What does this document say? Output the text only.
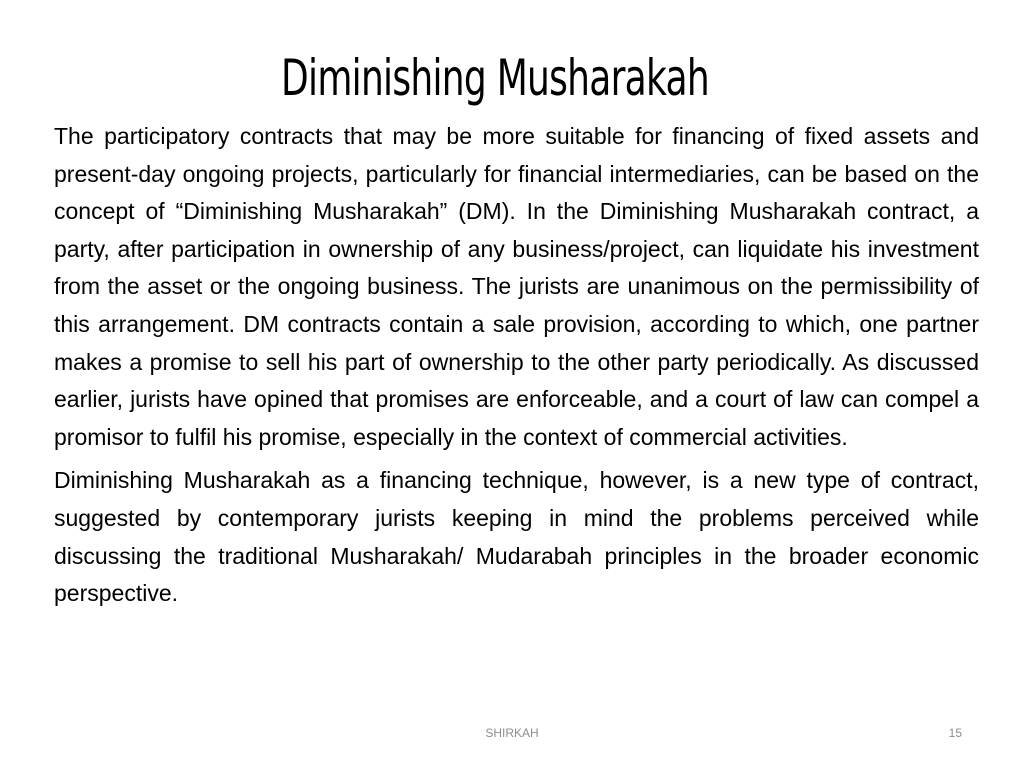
Diminishing Musharakah

The participatory contracts that may be more suitable for financing of fixed assets and present-day ongoing projects, particularly for financial intermediaries, can be based on the concept of “Diminishing Musharakah” (DM). In the Diminishing Musharakah contract, a party, after participation in ownership of any business/project, can liquidate his investment from the asset or the ongoing business. The jurists are unanimous on the permissibility of this arrangement. DM contracts contain a sale provision, according to which, one partner makes a promise to sell his part of ownership to the other party periodically. As discussed earlier, jurists have opined that promises are enforceable, and a court of law can compel a promisor to fulfil his promise, especially in the context of commercial activities.

Diminishing Musharakah as a financing technique, however, is a new type of contract, suggested by contemporary jurists keeping in mind the problems perceived while discussing the traditional Musharakah/ Mudarabah principles in the broader economic perspective.

SHIRKAH	15
